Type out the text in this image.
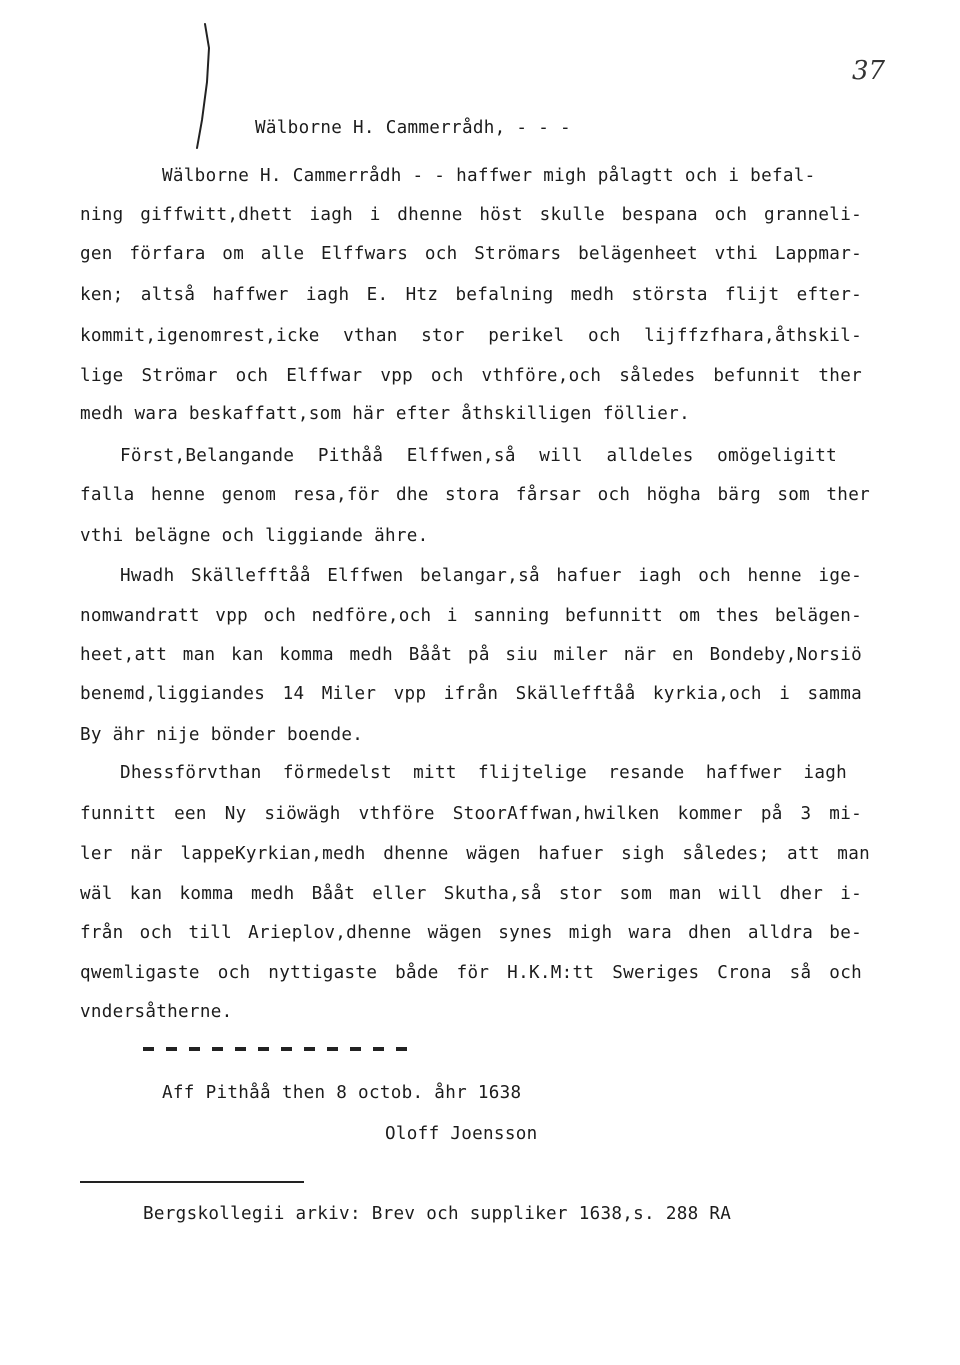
37
Wälborne H. Cammerrådh, - - -
Wälborne H. Cammerrådh - - haffwer migh pålagtt och i befal-
ning giffwitt,dhett iagh i dhenne höst skulle bespana och granneli-
gen förfara om alle Elffwars och Strömars belägenheet vthi Lappmar-
ken; altså haffwer iagh E. Htz befalning medh största flijt efter-
kommit,igenomrest,icke vthan stor perikel och lijffzfhara,åthskil-
lige Strömar och Elffwar vpp och vthföre,och således befunnit ther
medh wara beskaffatt,som här efter åthskilligen föllier.
Först,Belangande Pithåå Elffwen,så will alldeles omögeligitt
falla henne genom resa,för dhe stora fårsar och högha bärg som ther
vthi belägne och liggiande ähre.
Hwadh Skällefftåå Elffwen belangar,så hafuer iagh och henne ige-
nomwandratt vpp och nedföre,och i sanning befunnitt om thes belägen-
heet,att man kan komma medh Bååt på siu miler när en Bondeby,Norsiö
benemd,liggiandes 14 Miler vpp ifrån Skällefftåå kyrkia,och i samma
By ähr nije bönder boende.
Dhessförvthan förmedelst mitt flijtelige resande haffwer iagh
funnitt een Ny siöwägh vthföre StoorAffwan,hwilken kommer på 3 mi-
ler när lappeKyrkian,medh dhenne wägen hafuer sigh således; att man
wäl kan komma medh Bååt eller Skutha,så stor som man will dher i-
från och till Arieplov,dhenne wägen synes migh wara dhen alldra be-
qwemligaste och nyttigaste både för H.K.M:tt Sweriges Crona så och
vndersåtherne.
Aff Pithåå then 8 octob. åhr 1638
Oloff Joensson
Bergskollegii arkiv: Brev och suppliker 1638,s. 288 RA
